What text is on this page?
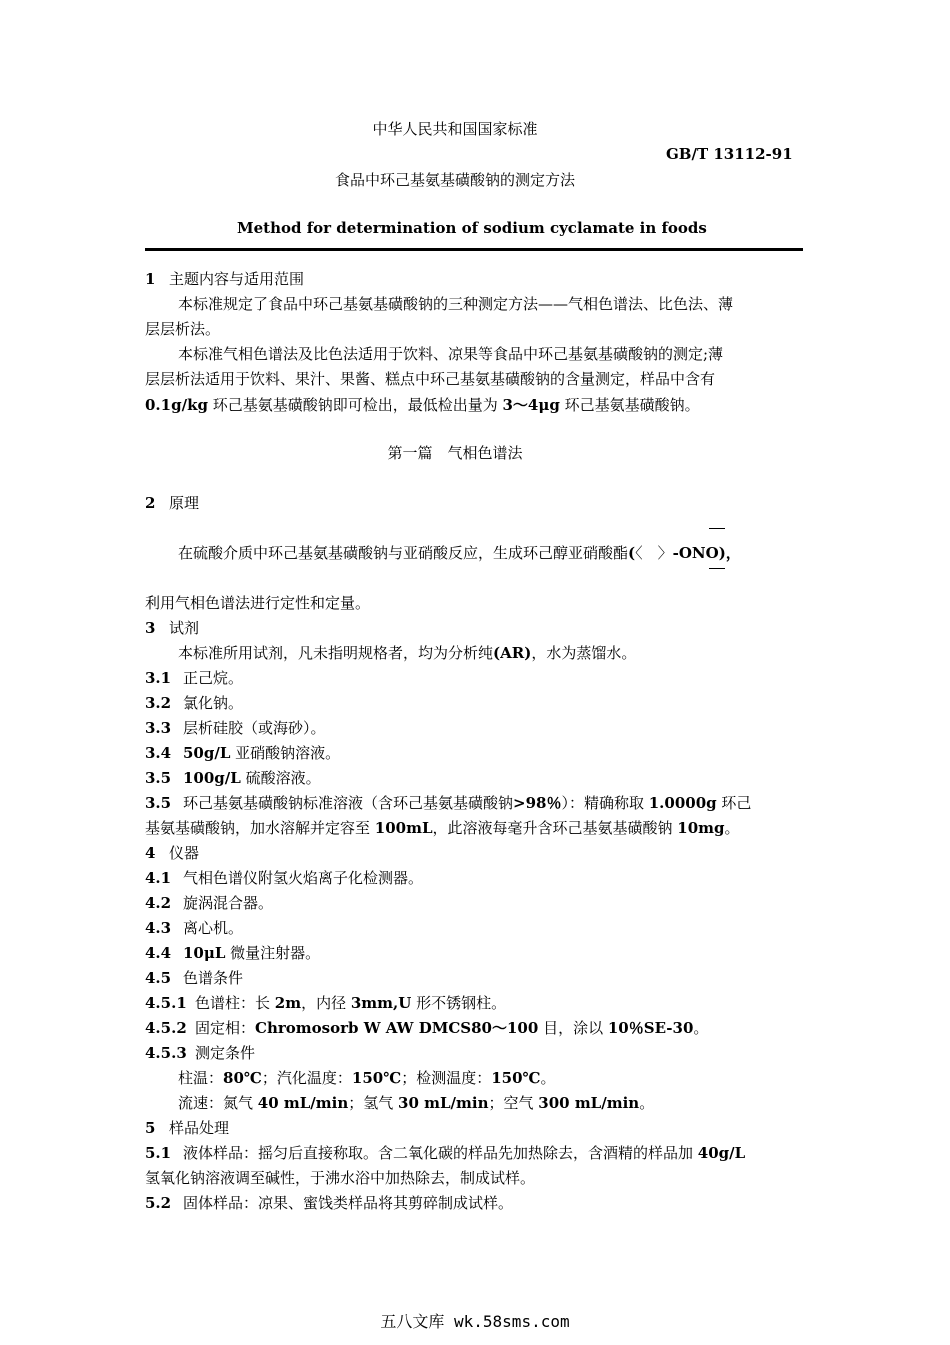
中华人民共和国国家标准
GB/T 13112-91
食品中环己基氨基磺酸钠的测定方法
Method for determination of sodium cyclamate in foods
1 主题内容与适用范围
本标准规定了食品中环己基氨基磺酸钠的三种测定方法——气相色谱法、比色法、薄
层层析法。
本标准气相色谱法及比色法适用于饮料、凉果等食品中环己基氨基磺酸钠的测定;薄
层层析法适用于饮料、果汁、果酱、糕点中环己基氨基磺酸钠的含量测定，样品中含有
0.1g/kg 环己基氨基磺酸钠即可检出，最低检出量为 3～4μg 环己基氨基磺酸钠。
第一篇　气相色谱法
2 原理
在硫酸介质中环己基氨基磺酸钠与亚硝酸反应，生成环己醇亚硝酸酯(〈　〉-ONO)，
利用气相色谱法进行定性和定量。
3 试剂
本标准所用试剂，凡未指明规格者，均为分析纯(AR)，水为蒸馏水。
3.1 正己烷。
3.2 氯化钠。
3.3 层析硅胶（或海砂）。
3.4 50g/L 亚硝酸钠溶液。
3.5 100g/L 硫酸溶液。
3.5 环己基氨基磺酸钠标准溶液（含环己基氨基磺酸钠>98％）：精确称取 1.0000g 环己
基氨基磺酸钠，加水溶解并定容至 100mL，此溶液每毫升含环己基氨基磺酸钠 10mg。
4 仪器
4.1 气相色谱仪附氢火焰离子化检测器。
4.2 旋涡混合器。
4.3 离心机。
4.4 10μL 微量注射器。
4.5 色谱条件
4.5.1 色谱柱：长 2m，内径 3mm,U 形不锈钢柱。
4.5.2 固定相：Chromosorb W AW DMCS80～100 目，涂以 10％SE-30。
4.5.3 测定条件
柱温：80℃；汽化温度：150℃；检测温度：150℃。
流速：氮气 40 mL/min；氢气 30 mL/min；空气 300 mL/min。
5 样品处理
5.1 液体样品：摇匀后直接称取。含二氧化碳的样品先加热除去，含酒精的样品加 40g/L
氢氧化钠溶液调至碱性，于沸水浴中加热除去，制成试样。
5.2 固体样品：凉果、蜜饯类样品将其剪碎制成试样。
五八文库 wk.58sms.com
